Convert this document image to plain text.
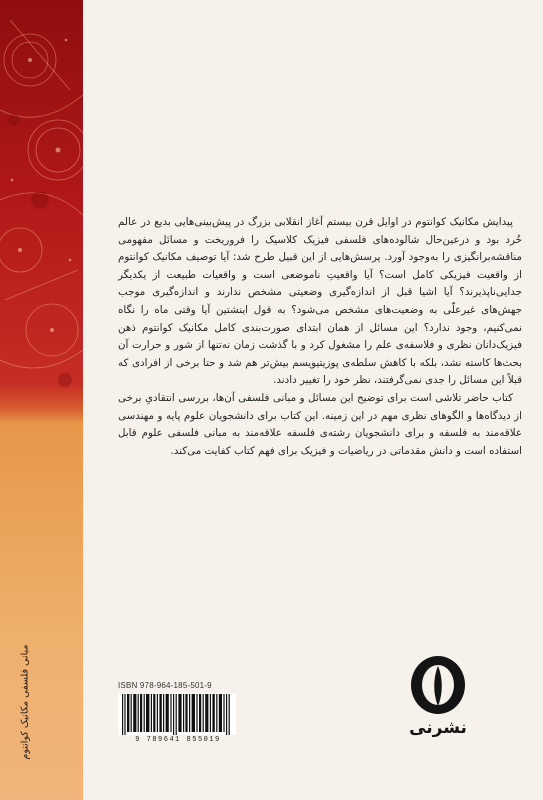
مبانی فلسفی مکانیک کوانتوم

پیدایش مکانیک کوانتوم در اوایل قرن بیستم آغاز انقلابی بزرگ در پیش‌بینی‌هایی بدیع در عالم خُرد بود و درعین‌حال شالوده‌های فلسفی فیزیک کلاسیک را فروریخت و مسائل مفهومی مناقشه‌برانگیزی را به‌وجود آورد. پرسش‌هایی از این قبیل طرح شد: آیا توصیف مکانیک کوانتوم از واقعیت فیزیکی کامل است؟ آیا واقعیتِ ناموضعی است و واقعیات طبیعت از یکدیگر جدایی‌ناپذیرند؟ آیا اشیا قبل از اندازه‌گیری وضعیتی مشخص ندارند و اندازه‌گیری موجب جهش‌های غیرعلّی به وضعیت‌های مشخص می‌شود؟ به قول اینشتین آیا وقتی ماه را نگاه نمی‌کنیم، وجود ندارد؟ این مسائل از همان ابتدای صورت‌بندی کامل مکانیک کوانتوم ذهن فیزیک‌دانان نظری و فلاسفه‌ی علم را مشغول کرد و با گذشت زمان نه‌تنها از شور و حرارت آن بحث‌ها کاسته نشد، بلکه با کاهش سلطه‌ی پوزیتیویسم بیش‌تر هم شد و حتا برخی از افرادی که قبلاً این مسائل را جدی نمی‌گرفتند، نظر خود را تغییر دادند.

کتاب حاضر تلاشی است برای توضیح این مسائل و مبانی فلسفی آن‌ها، بررسی انتقادیِ برخی از دیدگاه‌ها و الگوهای نظری مهم در این زمینه. این کتاب برای دانشجویان علوم پایه و مهندسی علاقه‌مند به فلسفه و برای دانشجویان رشته‌ی فلسفه علاقه‌مند به مبانی فلسفی علوم قابل استفاده است و دانش مقدماتی در ریاضیات و فیزیک برای فهم کتاب کفایت می‌کند.

ISBN 978-964-185-501-9
9 789641 855019
نشرنی
